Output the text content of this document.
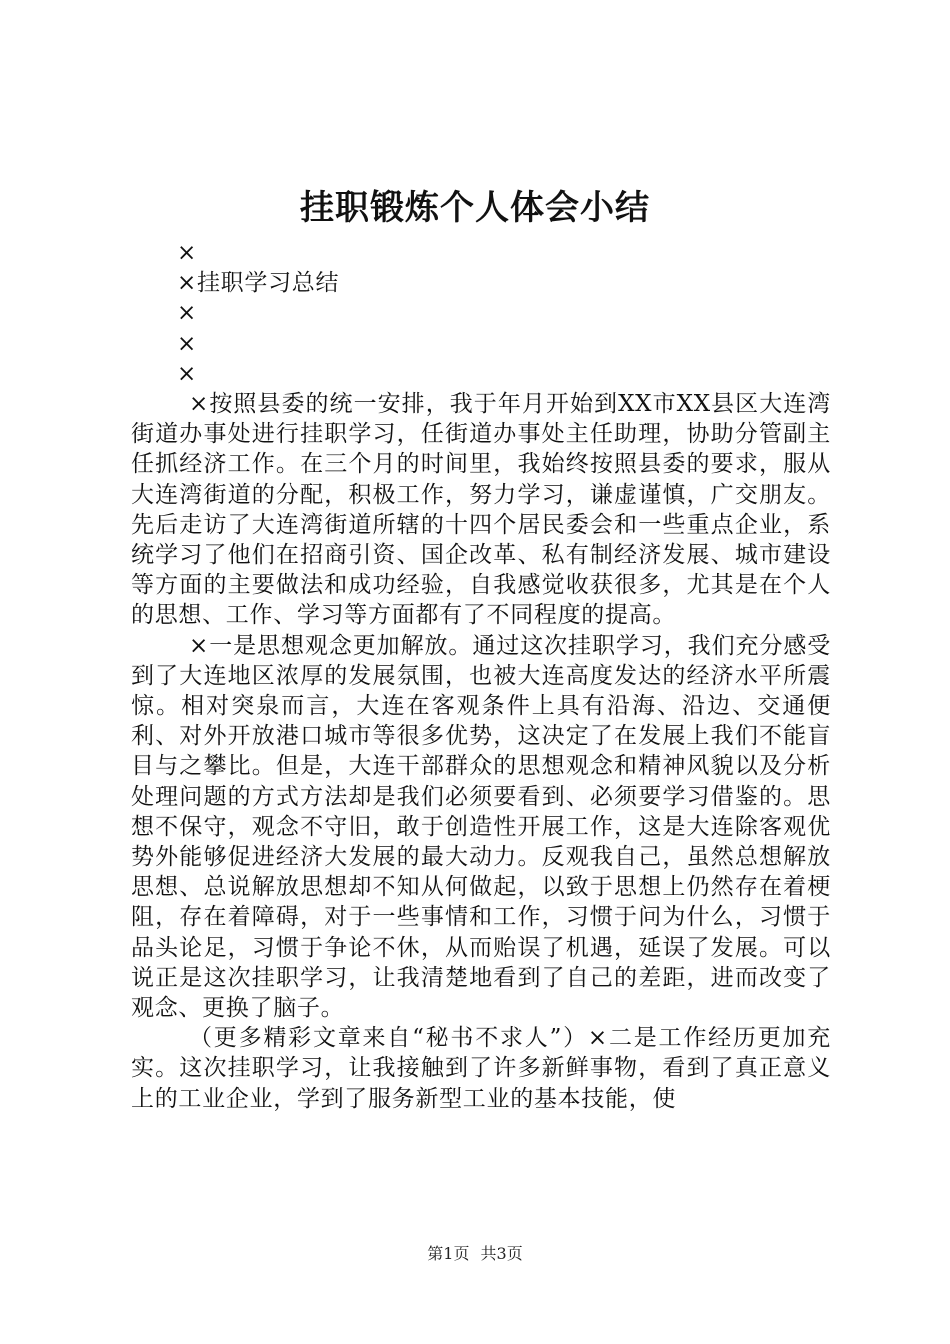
挂职锻炼个人体会小结
×
×挂职学习总结
×
×
×

×按照县委的统一安排，我于年月开始到XX市XX县区大连湾街道办事处进行挂职学习，任街道办事处主任助理，协助分管副主任抓经济工作。在三个月的时间里，我始终按照县委的要求，服从大连湾街道的分配，积极工作，努力学习，谦虚谨慎，广交朋友。先后走访了大连湾街道所辖的十四个居民委会和一些重点企业，系统学习了他们在招商引资、国企改革、私有制经济发展、城市建设等方面的主要做法和成功经验，自我感觉收获很多，尤其是在个人的思想、工作、学习等方面都有了不同程度的提高。

×一是思想观念更加解放。通过这次挂职学习，我们充分感受到了大连地区浓厚的发展氛围，也被大连高度发达的经济水平所震惊。相对突泉而言，大连在客观条件上具有沿海、沿边、交通便利、对外开放港口城市等很多优势，这决定了在发展上我们不能盲目与之攀比。但是，大连干部群众的思想观念和精神风貌以及分析处理问题的方式方法却是我们必须要看到、必须要学习借鉴的。思想不保守，观念不守旧，敢于创造性开展工作，这是大连除客观优势外能够促进经济大发展的最大动力。反观我自己，虽然总想解放思想、总说解放思想却不知从何做起，以致于思想上仍然存在着梗阻，存在着障碍，对于一些事情和工作，习惯于问为什么，习惯于品头论足，习惯于争论不休，从而贻误了机遇，延误了发展。可以说正是这次挂职学习，让我清楚地看到了自己的差距，进而改变了观念、更换了脑子。

（更多精彩文章来自“秘书不求人”）×二是工作经历更加充实。这次挂职学习，让我接触到了许多新鲜事物，看到了真正意义上的工业企业，学到了服务新型工业的基本技能，使

第1页 共3页
